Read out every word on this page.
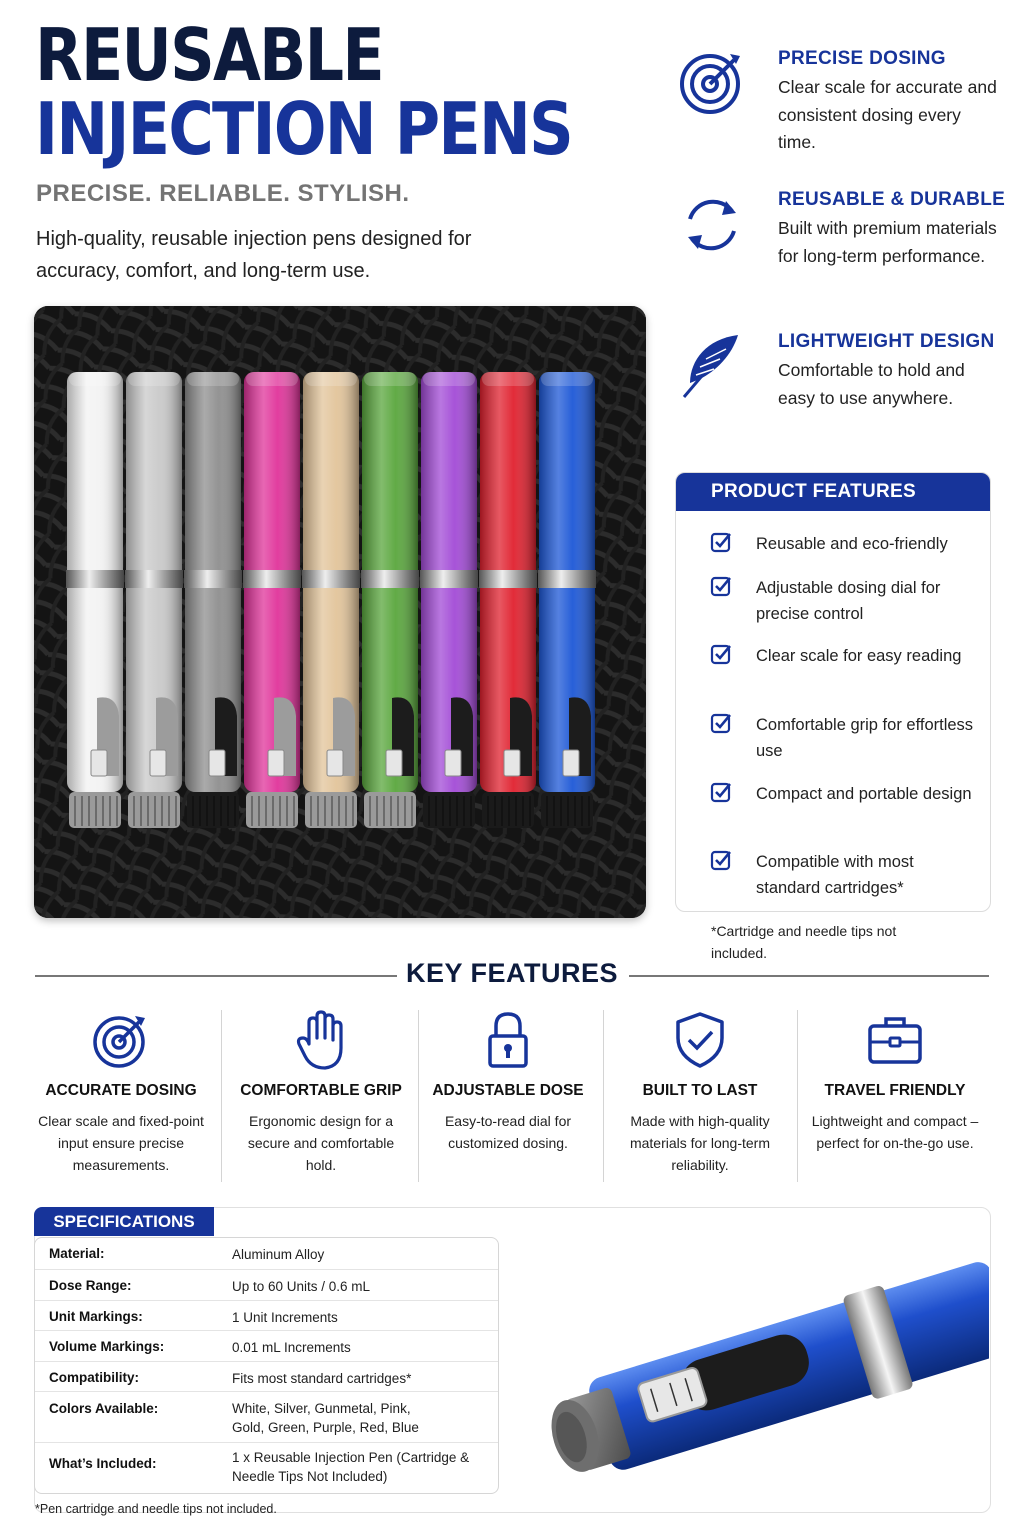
REUSABLE
INJECTION PENS
PRECISE. RELIABLE. STYLISH.
High-quality, reusable injection pens designed for accuracy, comfort, and long-term use.
PRECISE DOSING
Clear scale for accurate and consistent dosing every time.
REUSABLE & DURABLE
Built with premium materials for long-term performance.
LIGHTWEIGHT DESIGN
Comfortable to hold and easy to use anywhere.
PRODUCT FEATURES
Reusable and eco-friendly
Adjustable dosing dial for precise control
Clear scale for easy reading
Comfortable grip for effortless use
Compact and portable design
Compatible with most standard cartridges*
*Cartridge and needle tips not included.
KEY FEATURES
ACCURATE DOSING
Clear scale and fixed-point input ensure precise measurements.
COMFORTABLE GRIP
Ergonomic design for a secure and comfortable hold.
ADJUSTABLE DOSE
Easy-to-read dial for customized dosing.
BUILT TO LAST
Made with high-quality materials for long-term reliability.
TRAVEL FRIENDLY
Lightweight and compact – perfect for on-the-go use.
SPECIFICATIONS
Material:	Aluminum Alloy
Dose Range:	Up to 60 Units / 0.6 mL
Unit Markings:	1 Unit Increments
Volume Markings:	0.01 mL Increments
Compatibility:	Fits most standard cartridges*
Colors Available:	White, Silver, Gunmetal, Pink, Gold, Green, Purple, Red, Blue
What’s Included:	1 x Reusable Injection Pen (Cartridge & Needle Tips Not Included)
*Pen cartridge and needle tips not included.
